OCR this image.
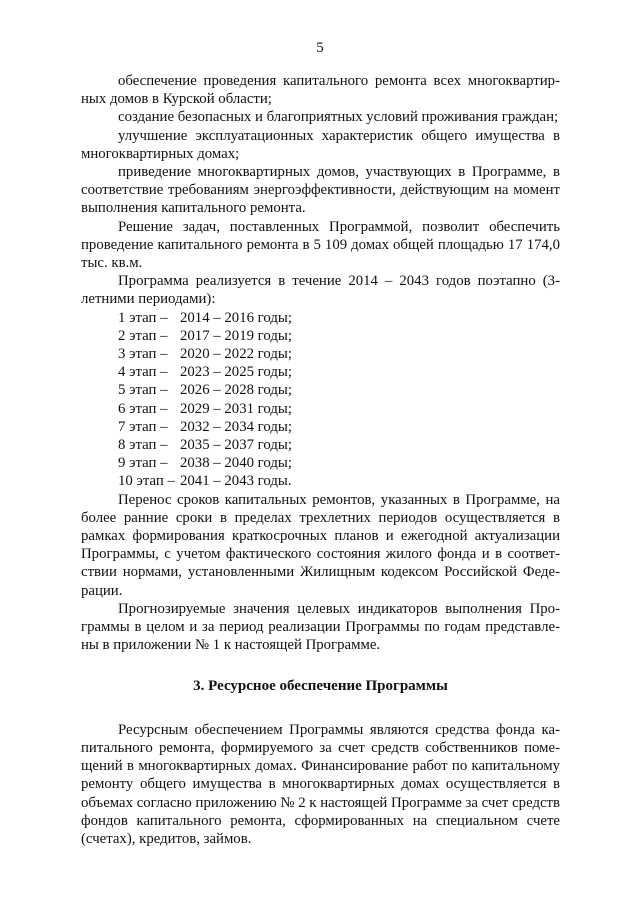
5

обеспечение проведения капитального ремонта всех многоквартирных домов в Курской области;

создание безопасных и благоприятных условий проживания граждан;

улучшение эксплуатационных характеристик общего имущества в многоквартирных домах;

приведение многоквартирных домов, участвующих в Программе, в соответствие требованиям энергоэффективности, действующим на момент выполнения капитального ремонта.

Решение задач, поставленных Программой, позволит обеспечить проведение капитального ремонта в 5 109 домах общей площадью 17 174,0 тыс. кв.м.

Программа реализуется в течение 2014 – 2043 годов поэтапно (3-летними периодами):

1 этап – 2014 – 2016 годы;
2 этап – 2017 – 2019 годы;
3 этап – 2020 – 2022 годы;
4 этап – 2023 – 2025 годы;
5 этап – 2026 – 2028 годы;
6 этап – 2029 – 2031 годы;
7 этап – 2032 – 2034 годы;
8 этап – 2035 – 2037 годы;
9 этап – 2038 – 2040 годы;
10 этап – 2041 – 2043 годы.

Перенос сроков капитальных ремонтов, указанных в Программе, на более ранние сроки в пределах трехлетних периодов осуществляется в рамках формирования краткосрочных планов и ежегодной актуализации Программы, с учетом фактического состояния жилого фонда и в соответствии нормами, установленными Жилищным кодексом Российской Федерации.

Прогнозируемые значения целевых индикаторов выполнения Программы в целом и за период реализации Программы по годам представлены в приложении № 1 к настоящей Программе.

3. Ресурсное обеспечение Программы

Ресурсным обеспечением Программы являются средства фонда капитального ремонта, формируемого за счет средств собственников помещений в многоквартирных домах. Финансирование работ по капитальному ремонту общего имущества в многоквартирных домах осуществляется в объемах согласно приложению № 2 к настоящей Программе за счет средств фондов капитального ремонта, сформированных на специальном счете (счетах), кредитов, займов.
